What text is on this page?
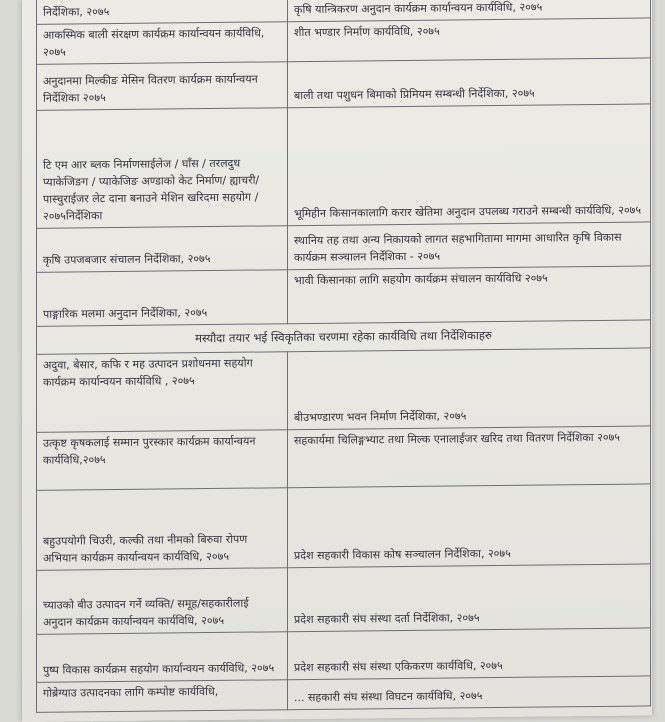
निर्देशिका, २०७५	कृषि यान्त्रिकरण अनुदान कार्यक्रम कार्यान्वयन कार्यविधि, २०७५
आकस्मिक बाली संरक्षण कार्यक्रम कार्यान्वयन कार्यविधि, २०७५	शीत भण्डार निर्माण कार्यविधि, २०७५
अनुदानमा मिल्कीङ मेसिन वितरण कार्यक्रम कार्यान्वयन निर्देशिका २०७५	बाली तथा पशुधन बिमाको प्रिमियम सम्बन्धी निर्देशिका, २०७५
टि एम आर ब्लक निर्माणसाईलेज / घाँस / तरलदुध प्याकेजिङग / प्याकेजिङ अण्डाको केट निर्माण/ ह्याचरी/ पास्चुराईजर लेट दाना बनाउने मेशिन खरिदमा सहयोग / २०७५निर्देशिका	भूमिहीन किसानकालागि करार खेतिमा अनुदान उपलब्ध गराउने सम्बन्धी कार्यविधि, २०७५
कृषि उपजबजार संचालन निर्देशिका, २०७५	स्थानिय तह तथा अन्य निकायको लागत सहभागितामा मागमा आधारित कृषि विकास कार्यक्रम सञ्चालन निर्देशिका - २०७५
पाङ्गारिक मलमा अनुदान निर्देशिका, २०७५	भावी किसानका लागि सहयोग कार्यक्रम संचालन कार्यविधि २०७५
मस्यौदा तयार भई स्विकृतिका चरणमा रहेका कार्यविधि तथा निर्देशिकाहरु	
अदुवा, बेसार, कफि र मह उत्पादन प्रशोधनमा सहयोग कार्यक्रम कार्यान्वयन कार्यविधि , २०७५	बीउभण्डारण भवन निर्माण निर्देशिका, २०७५
उत्कृष्ट कृषकलाई सम्मान पुरस्कार कार्यक्रम कार्यान्वयन कार्यविधि,२०७५	सहकार्यमा चिलिङ्गभ्याट तथा मिल्क एनालाईजर खरिद तथा वितरण निर्देशिका २०७५
बहुउपयोगी चिउरी, कल्की तथा नीमको बिरुवा रोपण अभियान कार्यक्रम कार्यान्वयन कार्यविधि, २०७५	प्रदेश सहकारी विकास कोष सञ्चालन निर्देशिका, २०७५
च्याउको बीउ उत्पादन गर्ने व्यक्ति/ समूह/सहकारीलाई अनुदान कार्यक्रम कार्यान्वयन कार्यविधि, २०७५	प्रदेश सहकारी संघ संस्था दर्ता निर्देशिका, २०७५
पुष्प विकास कार्यक्रम सहयोग कार्यान्वयन कार्यविधि, २०७५	प्रदेश सहकारी संघ संस्था एकिकरण कार्यविधि, २०७५
गोब्रेग्याउ उत्पादनका लागि कम्पोष्ट कार्यविधि,	... सहकारी संघ संस्था विघटन कार्यविधि, २०७५
